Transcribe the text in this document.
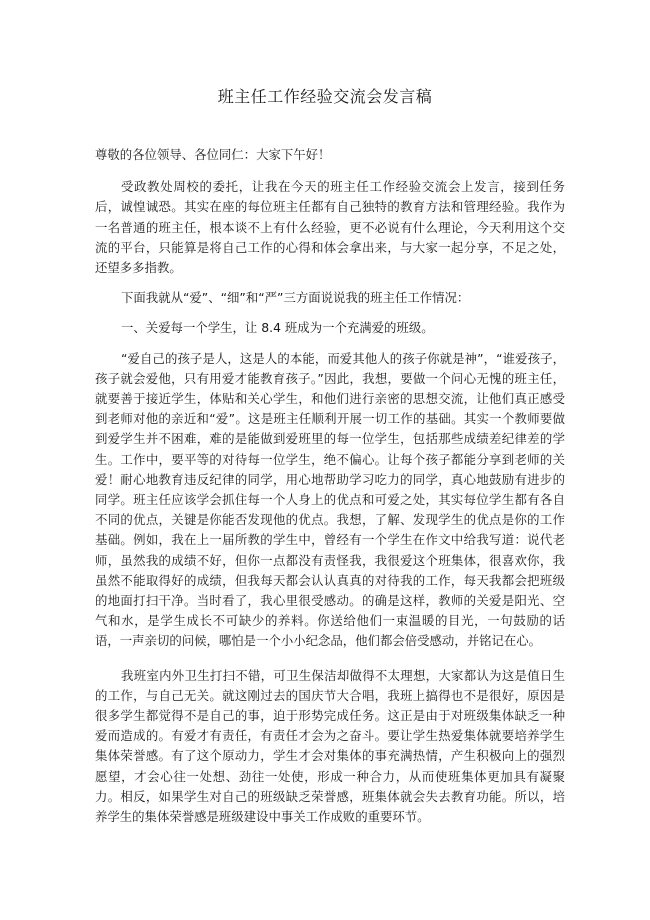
班主任工作经验交流会发言稿

尊敬的各位领导、各位同仁：大家下午好！

受政教处周校的委托，让我在今天的班主任工作经验交流会上发言，接到任务后，诚惶诚恐。其实在座的每位班主任都有自己独特的教育方法和管理经验。我作为一名普通的班主任，根本谈不上有什么经验，更不必说有什么理论，今天利用这个交流的平台，只能算是将自己工作的心得和体会拿出来，与大家一起分享，不足之处，还望多多指教。

下面我就从“爱”、“细”和“严”三方面说说我的班主任工作情况：

一、关爱每一个学生，让 8.4 班成为一个充满爱的班级。

“爱自己的孩子是人，这是人的本能，而爱其他人的孩子你就是神”，“谁爱孩子，孩子就会爱他，只有用爱才能教育孩子。”因此，我想，要做一个问心无愧的班主任，就要善于接近学生，体贴和关心学生，和他们进行亲密的思想交流，让他们真正感受到老师对他的亲近和“爱”。这是班主任顺利开展一切工作的基础。其实一个教师要做到爱学生并不困难，难的是能做到爱班里的每一位学生，包括那些成绩差纪律差的学生。工作中，要平等的对待每一位学生，绝不偏心。让每个孩子都能分享到老师的关爱！耐心地教育违反纪律的同学，用心地帮助学习吃力的同学，真心地鼓励有进步的同学。班主任应该学会抓住每一个人身上的优点和可爱之处，其实每位学生都有各自不同的优点，关键是你能否发现他的优点。我想，了解、发现学生的优点是你的工作基础。例如，我在上一届所教的学生中，曾经有一个学生在作文中给我写道：说代老师，虽然我的成绩不好，但你一点都没有责怪我，我很爱这个班集体，很喜欢你，我虽然不能取得好的成绩，但我每天都会认认真真的对待我的工作，每天我都会把班级的地面打扫干净。当时看了，我心里很受感动。的确是这样，教师的关爱是阳光、空气和水，是学生成长不可缺少的养料。你送给他们一束温暖的目光，一句鼓励的话语，一声亲切的问候，哪怕是一个小小纪念品，他们都会倍受感动，并铭记在心。

我班室内外卫生打扫不错，可卫生保洁却做得不太理想，大家都认为这是值日生的工作，与自己无关。就这刚过去的国庆节大合唱，我班上搞得也不是很好，原因是很多学生都觉得不是自己的事，迫于形势完成任务。这正是由于对班级集体缺乏一种爱而造成的。有爱才有责任，有责任才会为之奋斗。要让学生热爱集体就要培养学生集体荣誉感。有了这个原动力，学生才会对集体的事充满热情，产生积极向上的强烈愿望，才会心往一处想、劲往一处使，形成一种合力，从而使班集体更加具有凝聚力。相反，如果学生对自己的班级缺乏荣誉感，班集体就会失去教育功能。所以，培养学生的集体荣誉感是班级建设中事关工作成败的重要环节。
